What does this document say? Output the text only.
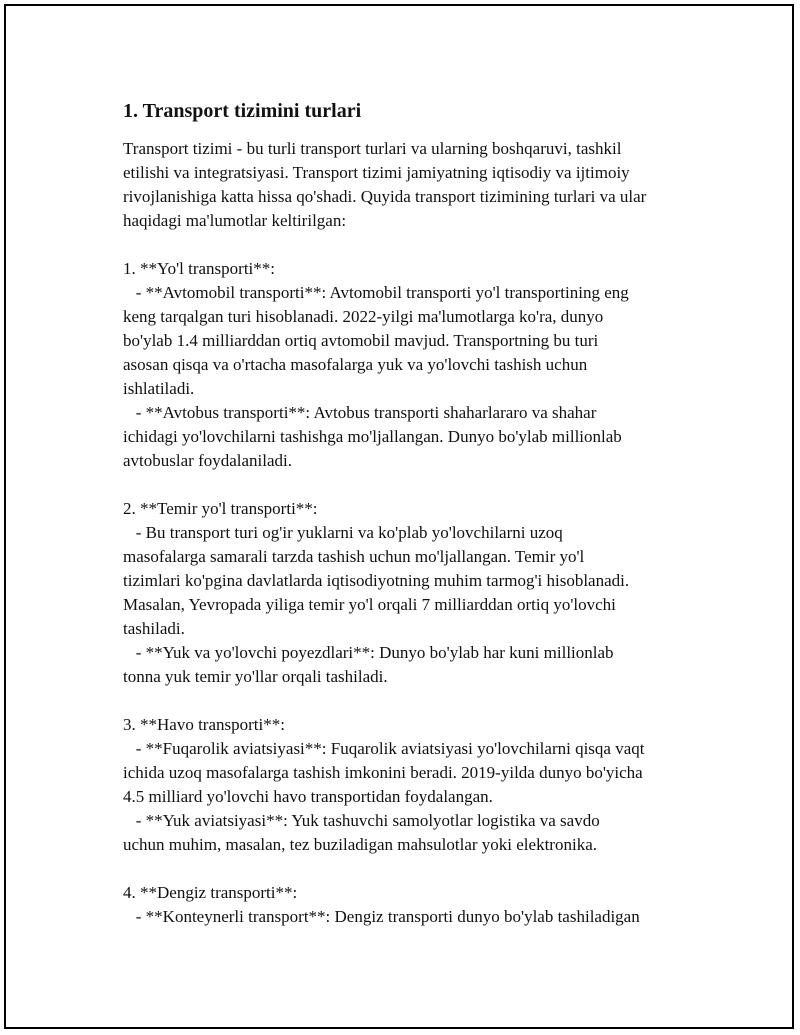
1. Transport tizimini turlari
Transport tizimi - bu turli transport turlari va ularning boshqaruvi, tashkil
etilishi va integratsiyasi. Transport tizimi jamiyatning iqtisodiy va ijtimoiy
rivojlanishiga katta hissa qo'shadi. Quyida transport tizimining turlari va ular
haqidagi ma'lumotlar keltirilgan:
1. **Yo'l transporti**:
- **Avtomobil transporti**: Avtomobil transporti yo'l transportining eng
keng tarqalgan turi hisoblanadi. 2022-yilgi ma'lumotlarga ko'ra, dunyo
bo'ylab 1.4 milliarddan ortiq avtomobil mavjud. Transportning bu turi
asosan qisqa va o'rtacha masofalarga yuk va yo'lovchi tashish uchun
ishlatiladi.
- **Avtobus transporti**: Avtobus transporti shaharlararo va shahar
ichidagi yo'lovchilarni tashishga mo'ljallangan. Dunyo bo'ylab millionlab
avtobuslar foydalaniladi.
2. **Temir yo'l transporti**:
- Bu transport turi og'ir yuklarni va ko'plab yo'lovchilarni uzoq
masofalarga samarali tarzda tashish uchun mo'ljallangan. Temir yo'l
tizimlari ko'pgina davlatlarda iqtisodiyotning muhim tarmog'i hisoblanadi.
Masalan, Yevropada yiliga temir yo'l orqali 7 milliarddan ortiq yo'lovchi
tashiladi.
- **Yuk va yo'lovchi poyezdlari**: Dunyo bo'ylab har kuni millionlab
tonna yuk temir yo'llar orqali tashiladi.
3. **Havo transporti**:
- **Fuqarolik aviatsiyasi**: Fuqarolik aviatsiyasi yo'lovchilarni qisqa vaqt
ichida uzoq masofalarga tashish imkonini beradi. 2019-yilda dunyo bo'yicha
4.5 milliard yo'lovchi havo transportidan foydalangan.
- **Yuk aviatsiyasi**: Yuk tashuvchi samolyotlar logistika va savdo
uchun muhim, masalan, tez buziladigan mahsulotlar yoki elektronika.
4. **Dengiz transporti**:
- **Konteynerli transport**: Dengiz transporti dunyo bo'ylab tashiladigan
